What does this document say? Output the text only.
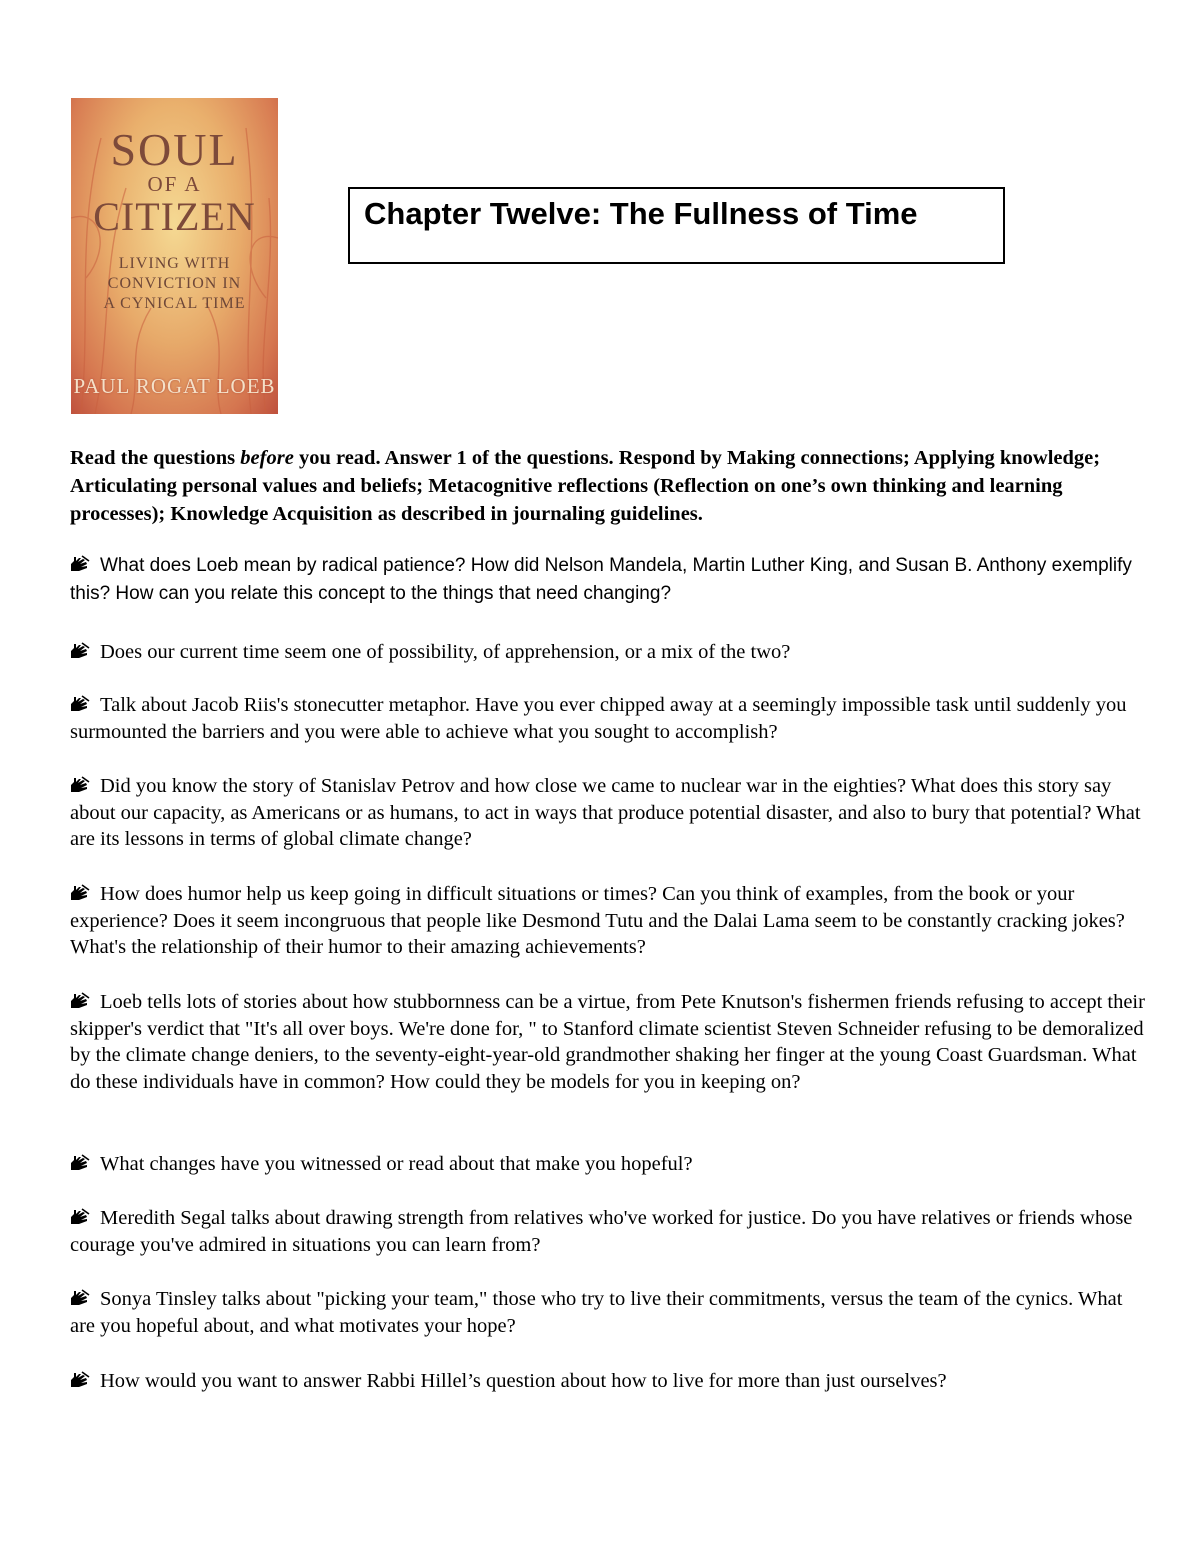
SOUL
OF A
CITIZEN
LIVING WITH CONVICTION IN A CYNICAL TIME
PAUL ROGAT LOEB
Chapter Twelve: The Fullness of Time

Read the questions before you read. Answer 1 of the questions. Respond by Making connections; Applying knowledge; Articulating personal values and beliefs; Metacognitive reflections (Reflection on one’s own thinking and learning processes); Knowledge Acquisition as described in journaling guidelines.

What does Loeb mean by radical patience? How did Nelson Mandela, Martin Luther King, and Susan B. Anthony exemplify this? How can you relate this concept to the things that need changing?
Does our current time seem one of possibility, of apprehension, or a mix of the two?
Talk about Jacob Riis's stonecutter metaphor. Have you ever chipped away at a seemingly impossible task until suddenly you surmounted the barriers and you were able to achieve what you sought to accomplish?
Did you know the story of Stanislav Petrov and how close we came to nuclear war in the eighties? What does this story say about our capacity, as Americans or as humans, to act in ways that produce potential disaster, and also to bury that potential? What are its lessons in terms of global climate change?
How does humor help us keep going in difficult situations or times? Can you think of examples, from the book or your experience? Does it seem incongruous that people like Desmond Tutu and the Dalai Lama seem to be constantly cracking jokes? What's the relationship of their humor to their amazing achievements?
Loeb tells lots of stories about how stubbornness can be a virtue, from Pete Knutson's fishermen friends refusing to accept their skipper's verdict that "It's all over boys. We're done for, " to Stanford climate scientist Steven Schneider refusing to be demoralized by the climate change deniers, to the seventy-eight-year-old grandmother shaking her finger at the young Coast Guardsman. What do these individuals have in common? How could they be models for you in keeping on?
What changes have you witnessed or read about that make you hopeful?
Meredith Segal talks about drawing strength from relatives who've worked for justice. Do you have relatives or friends whose courage you've admired in situations you can learn from?
Sonya Tinsley talks about "picking your team," those who try to live their commitments, versus the team of the cynics. What are you hopeful about, and what motivates your hope?
How would you want to answer Rabbi Hillel’s question about how to live for more than just ourselves?
